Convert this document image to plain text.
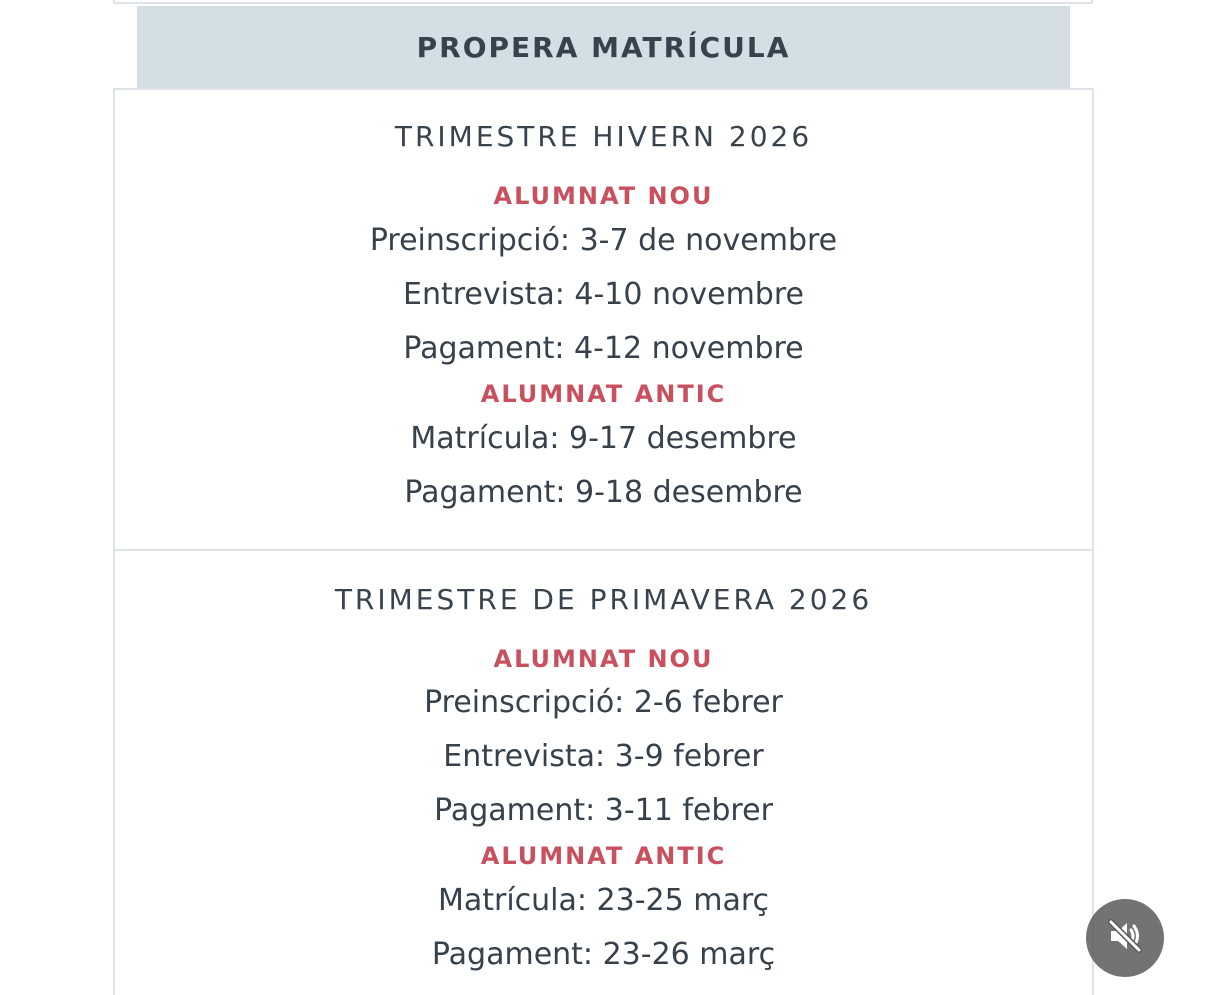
PROPERA MATRÍCULA
TRIMESTRE HIVERN 2026
ALUMNAT NOU
Preinscripció: 3-7 de novembre
Entrevista: 4-10 novembre
Pagament: 4-12 novembre
ALUMNAT ANTIC
Matrícula: 9-17 desembre
Pagament: 9-18 desembre
TRIMESTRE DE PRIMAVERA 2026
ALUMNAT NOU
Preinscripció: 2-6 febrer
Entrevista: 3-9 febrer
Pagament: 3-11 febrer
ALUMNAT ANTIC
Matrícula: 23-25 març
Pagament: 23-26 març
